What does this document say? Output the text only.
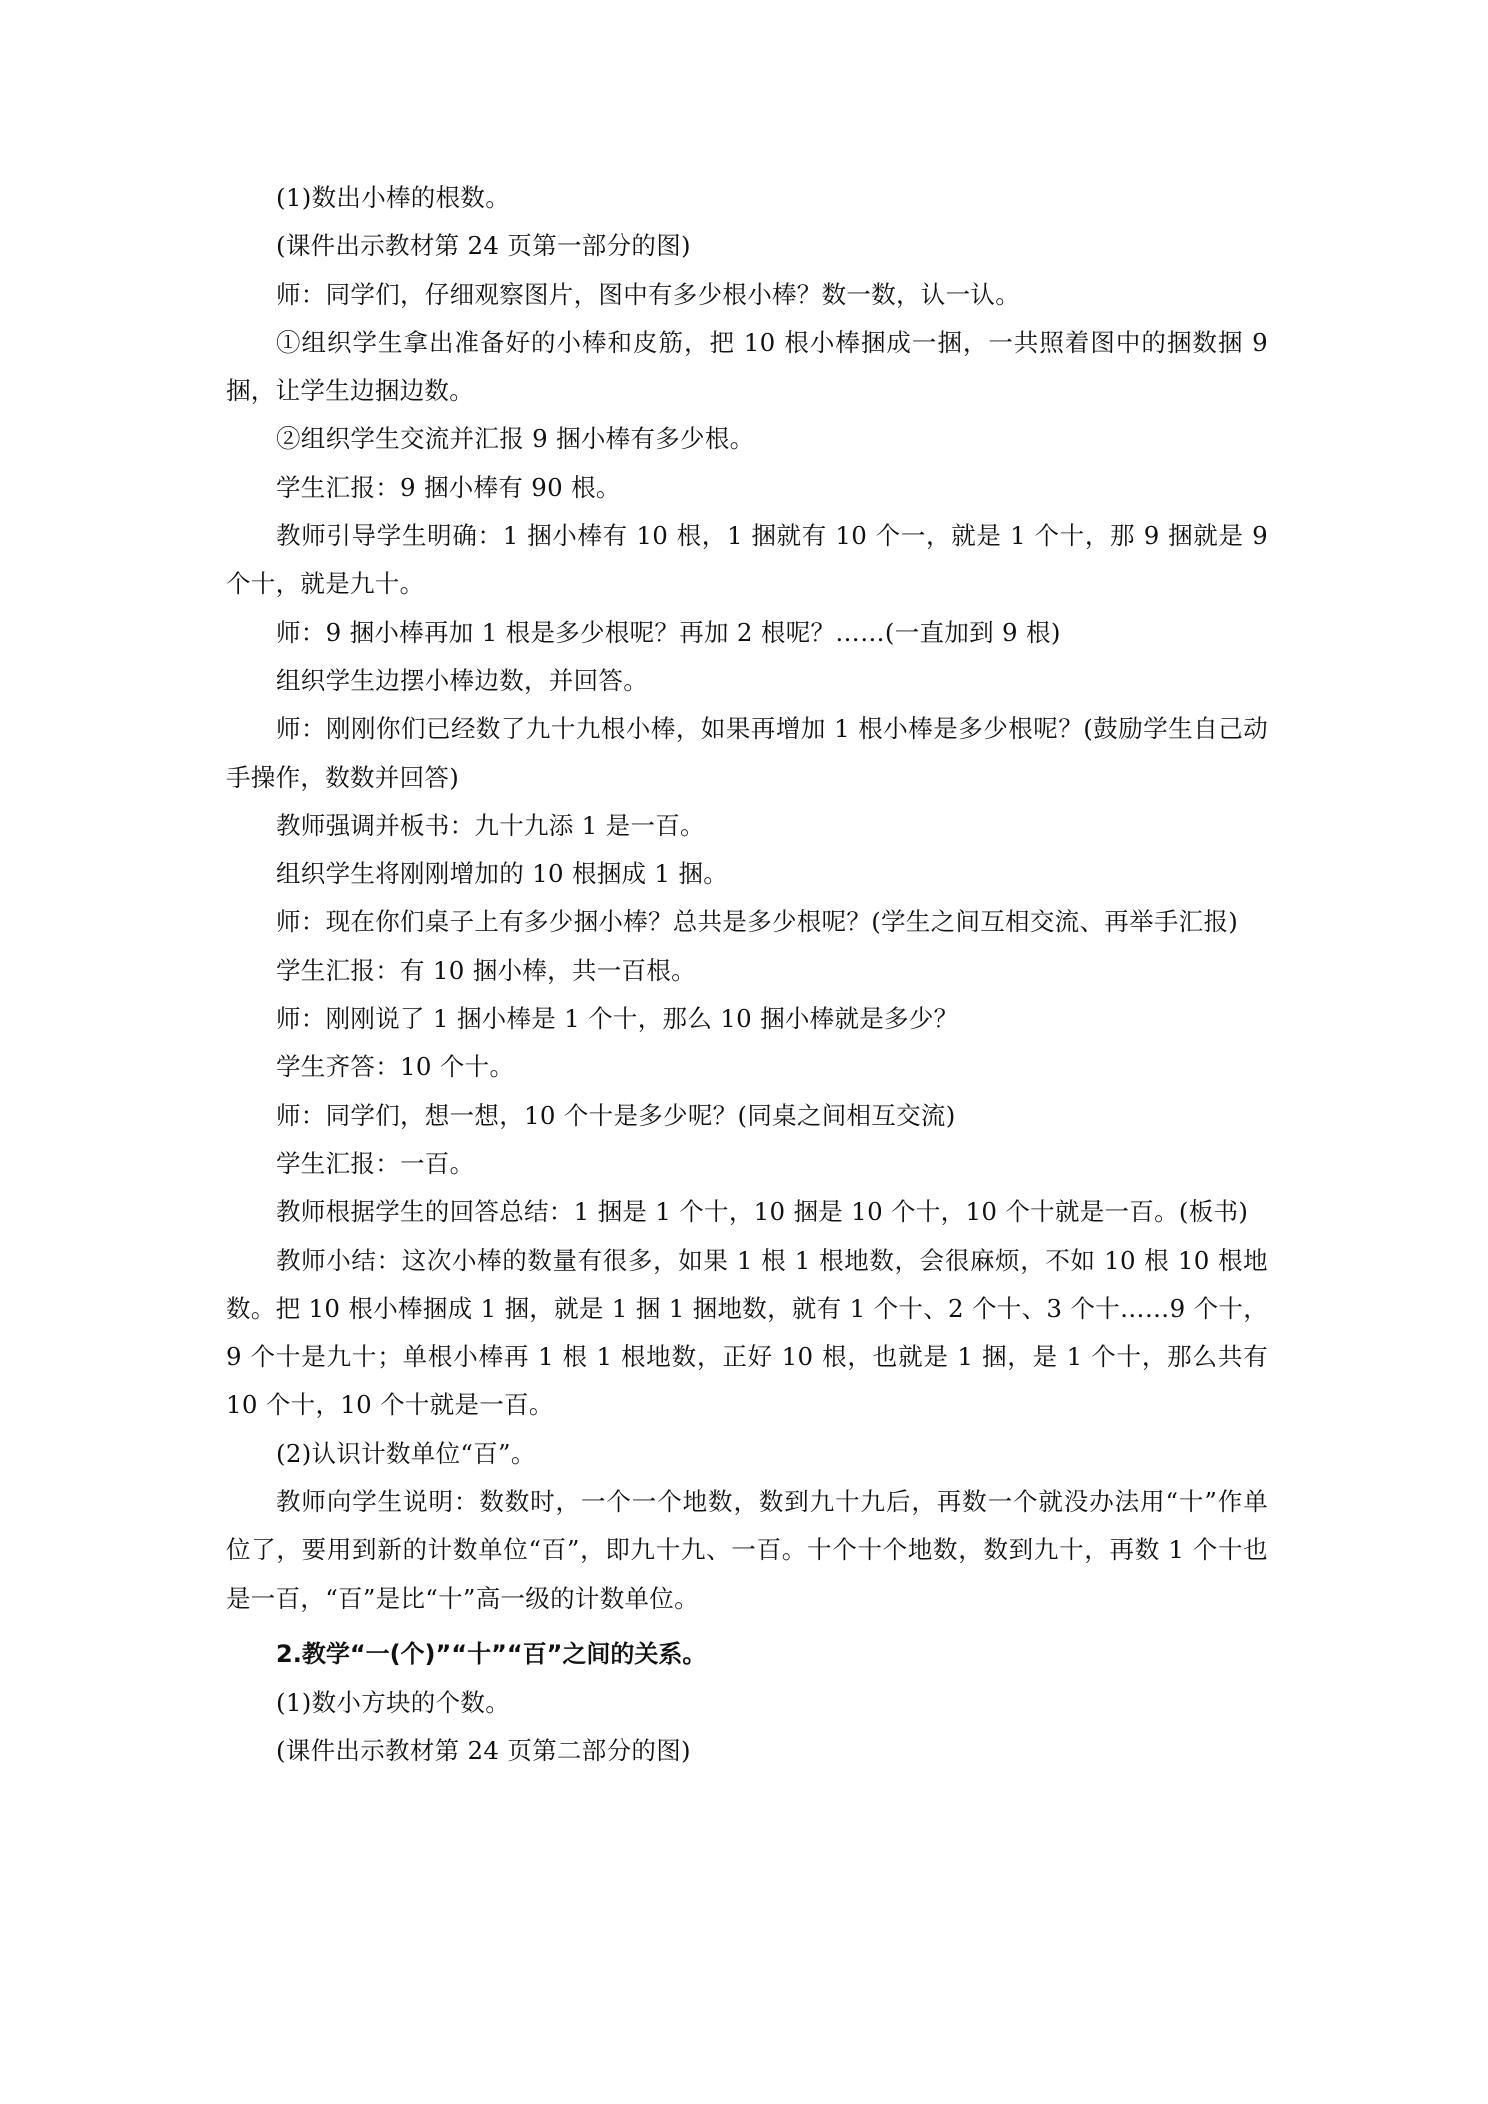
(1)数出小棒的根数。

(课件出示教材第 24 页第一部分的图)

师：同学们，仔细观察图片，图中有多少根小棒？数一数，认一认。

①组织学生拿出准备好的小棒和皮筋，把 10 根小棒捆成一捆，一共照着图中的捆数捆 9 捆，让学生边捆边数。

②组织学生交流并汇报 9 捆小棒有多少根。

学生汇报：9 捆小棒有 90 根。

教师引导学生明确：1 捆小棒有 10 根，1 捆就有 10 个一，就是 1 个十，那 9 捆就是 9 个十，就是九十。

师：9 捆小棒再加 1 根是多少根呢？再加 2 根呢？……(一直加到 9 根)

组织学生边摆小棒边数，并回答。

师：刚刚你们已经数了九十九根小棒，如果再增加 1 根小棒是多少根呢？(鼓励学生自己动手操作，数数并回答)

教师强调并板书：九十九添 1 是一百。

组织学生将刚刚增加的 10 根捆成 1 捆。

师：现在你们桌子上有多少捆小棒？总共是多少根呢？(学生之间互相交流、再举手汇报)

学生汇报：有 10 捆小棒，共一百根。

师：刚刚说了 1 捆小棒是 1 个十，那么 10 捆小棒就是多少？

学生齐答：10 个十。

师：同学们，想一想，10 个十是多少呢？(同桌之间相互交流)

学生汇报：一百。

教师根据学生的回答总结：1 捆是 1 个十，10 捆是 10 个十，10 个十就是一百。(板书)

教师小结：这次小棒的数量有很多，如果 1 根 1 根地数，会很麻烦，不如 10 根 10 根地数。把 10 根小棒捆成 1 捆，就是 1 捆 1 捆地数，就有 1 个十、2 个十、3 个十……9 个十，9 个十是九十；单根小棒再 1 根 1 根地数，正好 10 根，也就是 1 捆，是 1 个十，那么共有 10 个十，10 个十就是一百。

(2)认识计数单位“百”。

教师向学生说明：数数时，一个一个地数，数到九十九后，再数一个就没办法用“十”作单位了，要用到新的计数单位“百”，即九十九、一百。十个十个地数，数到九十，再数 1 个十也是一百，“百”是比“十”高一级的计数单位。

2.教学“一(个)”“十”“百”之间的关系。

(1)数小方块的个数。

(课件出示教材第 24 页第二部分的图)
